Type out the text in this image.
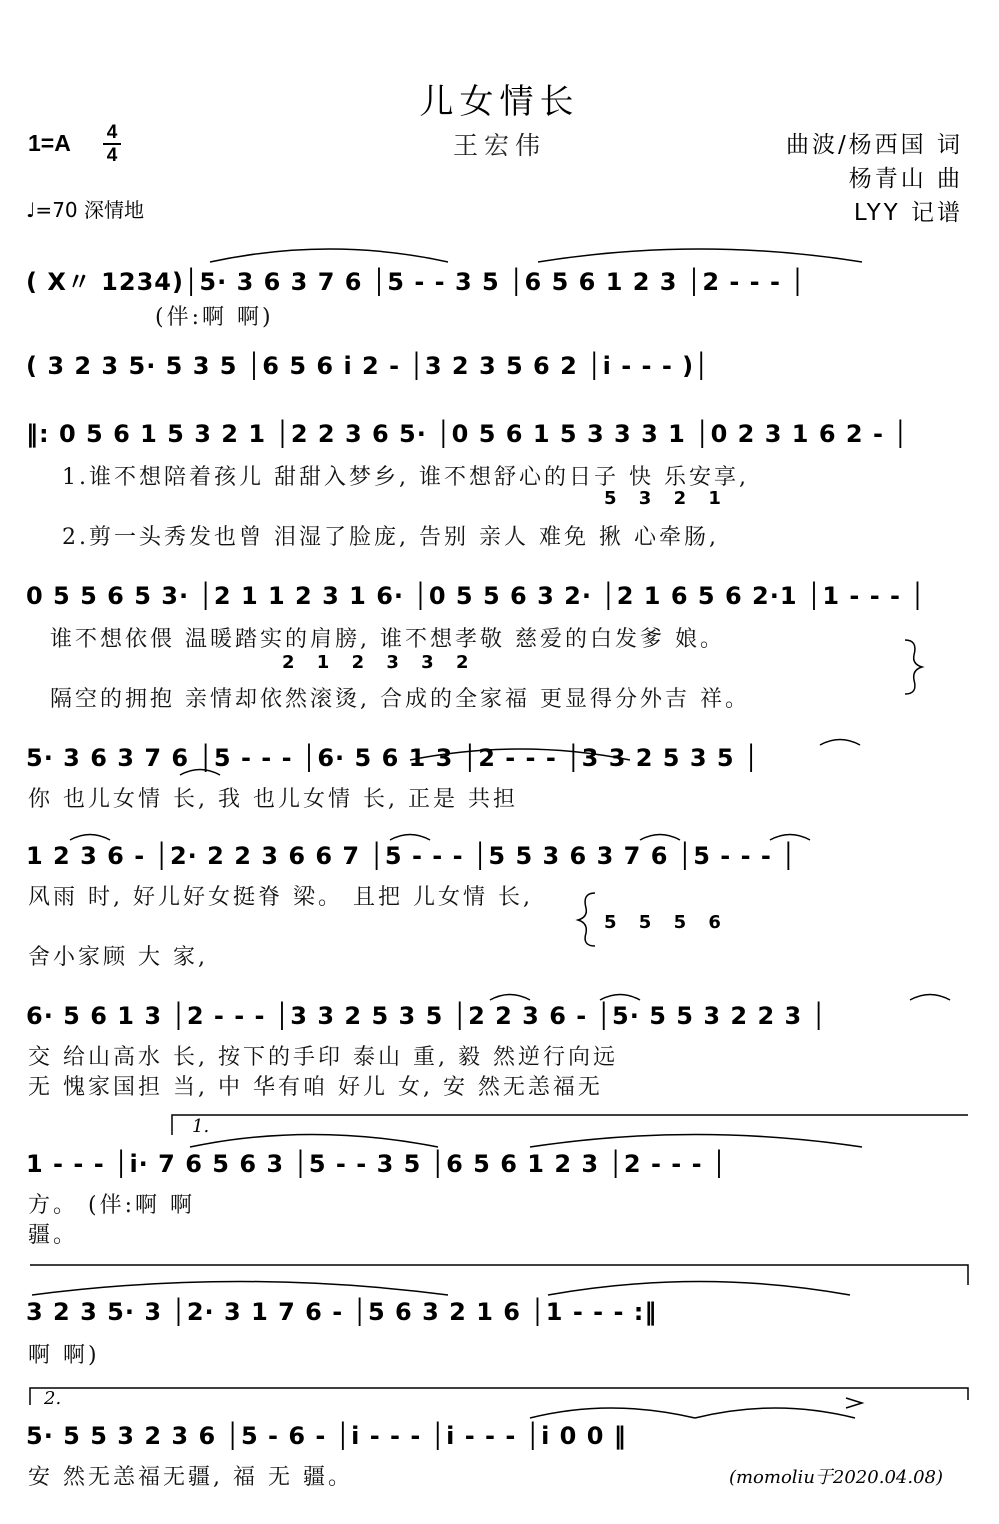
儿女情长
王宏伟
1=A 4
4
♩=70 深情地
曲波/杨西国 词
杨青山 曲
LYY 记谱
( X〃 1234)│5· 3 6 3 7 6 │5 - - 3 5 │6 5 6 1 2 3 │2 - - - │
(伴:啊 啊)
( 3 2 3 5· 5 3 5 │6 5 6 i 2 - │3 2 3 5 6 2 │i - - - )│
‖: 0 5 6 1 5 3 2 1 │2 2 3 6 5· │0 5 6 1 5 3 3 3 1 │0 2 3 1 6 2 - │
1.谁不想陪着孩儿 甜甜入梦乡, 谁不想舒心的日子 快 乐安享,
5 3 2 1
2.剪一头秀发也曾 泪湿了脸庞, 告别 亲人 难免 揪 心牵肠,
0 5 5 6 5 3· │2 1 1 2 3 1 6· │0 5 5 6 3 2· │2 1 6 5 6 2·1 │1 - - - │
谁不想依偎 温暖踏实的肩膀, 谁不想孝敬 慈爱的白发爹 娘。
2 1 2 3 3 2
隔空的拥抱 亲情却依然滚烫, 合成的全家福 更显得分外吉 祥。
5· 3 6 3 7 6 │5 - - - │6· 5 6 1 3 │2 - - - │3 3 2 5 3 5 │
你 也儿女情 长, 我 也儿女情 长, 正是 共担
1 2 3 6 - │2· 2 2 3 6 6 7 │5 - - - │5 5 3 6 3 7 6 │5 - - - │
风雨 时, 好儿好女挺脊 梁。 且把 儿女情 长,
5 5 5 6
舍小家顾 大 家,
6· 5 6 1 3 │2 - - - │3 3 2 5 3 5 │2 2 3 6 - │5· 5 5 3 2 2 3 │
交 给山高水 长, 按下的手印 泰山 重, 毅 然逆行向远
无 愧家国担 当, 中 华有咱 好儿 女, 安 然无恙福无
1.
1 - - - │i· 7 6 5 6 3 │5 - - 3 5 │6 5 6 1 2 3 │2 - - - │
方。 (伴:啊 啊
疆。
3 2 3 5· 3 │2· 3 1 7 6 - │5 6 3 2 1 6 │1 - - - :‖
啊 啊)
2.
5· 5 5 3 2 3 6 │5 - 6 - │i - - - │i - - - │i 0 0 ‖
安 然无恙福无疆, 福 无 疆。	(momoliu于2020.04.08)
